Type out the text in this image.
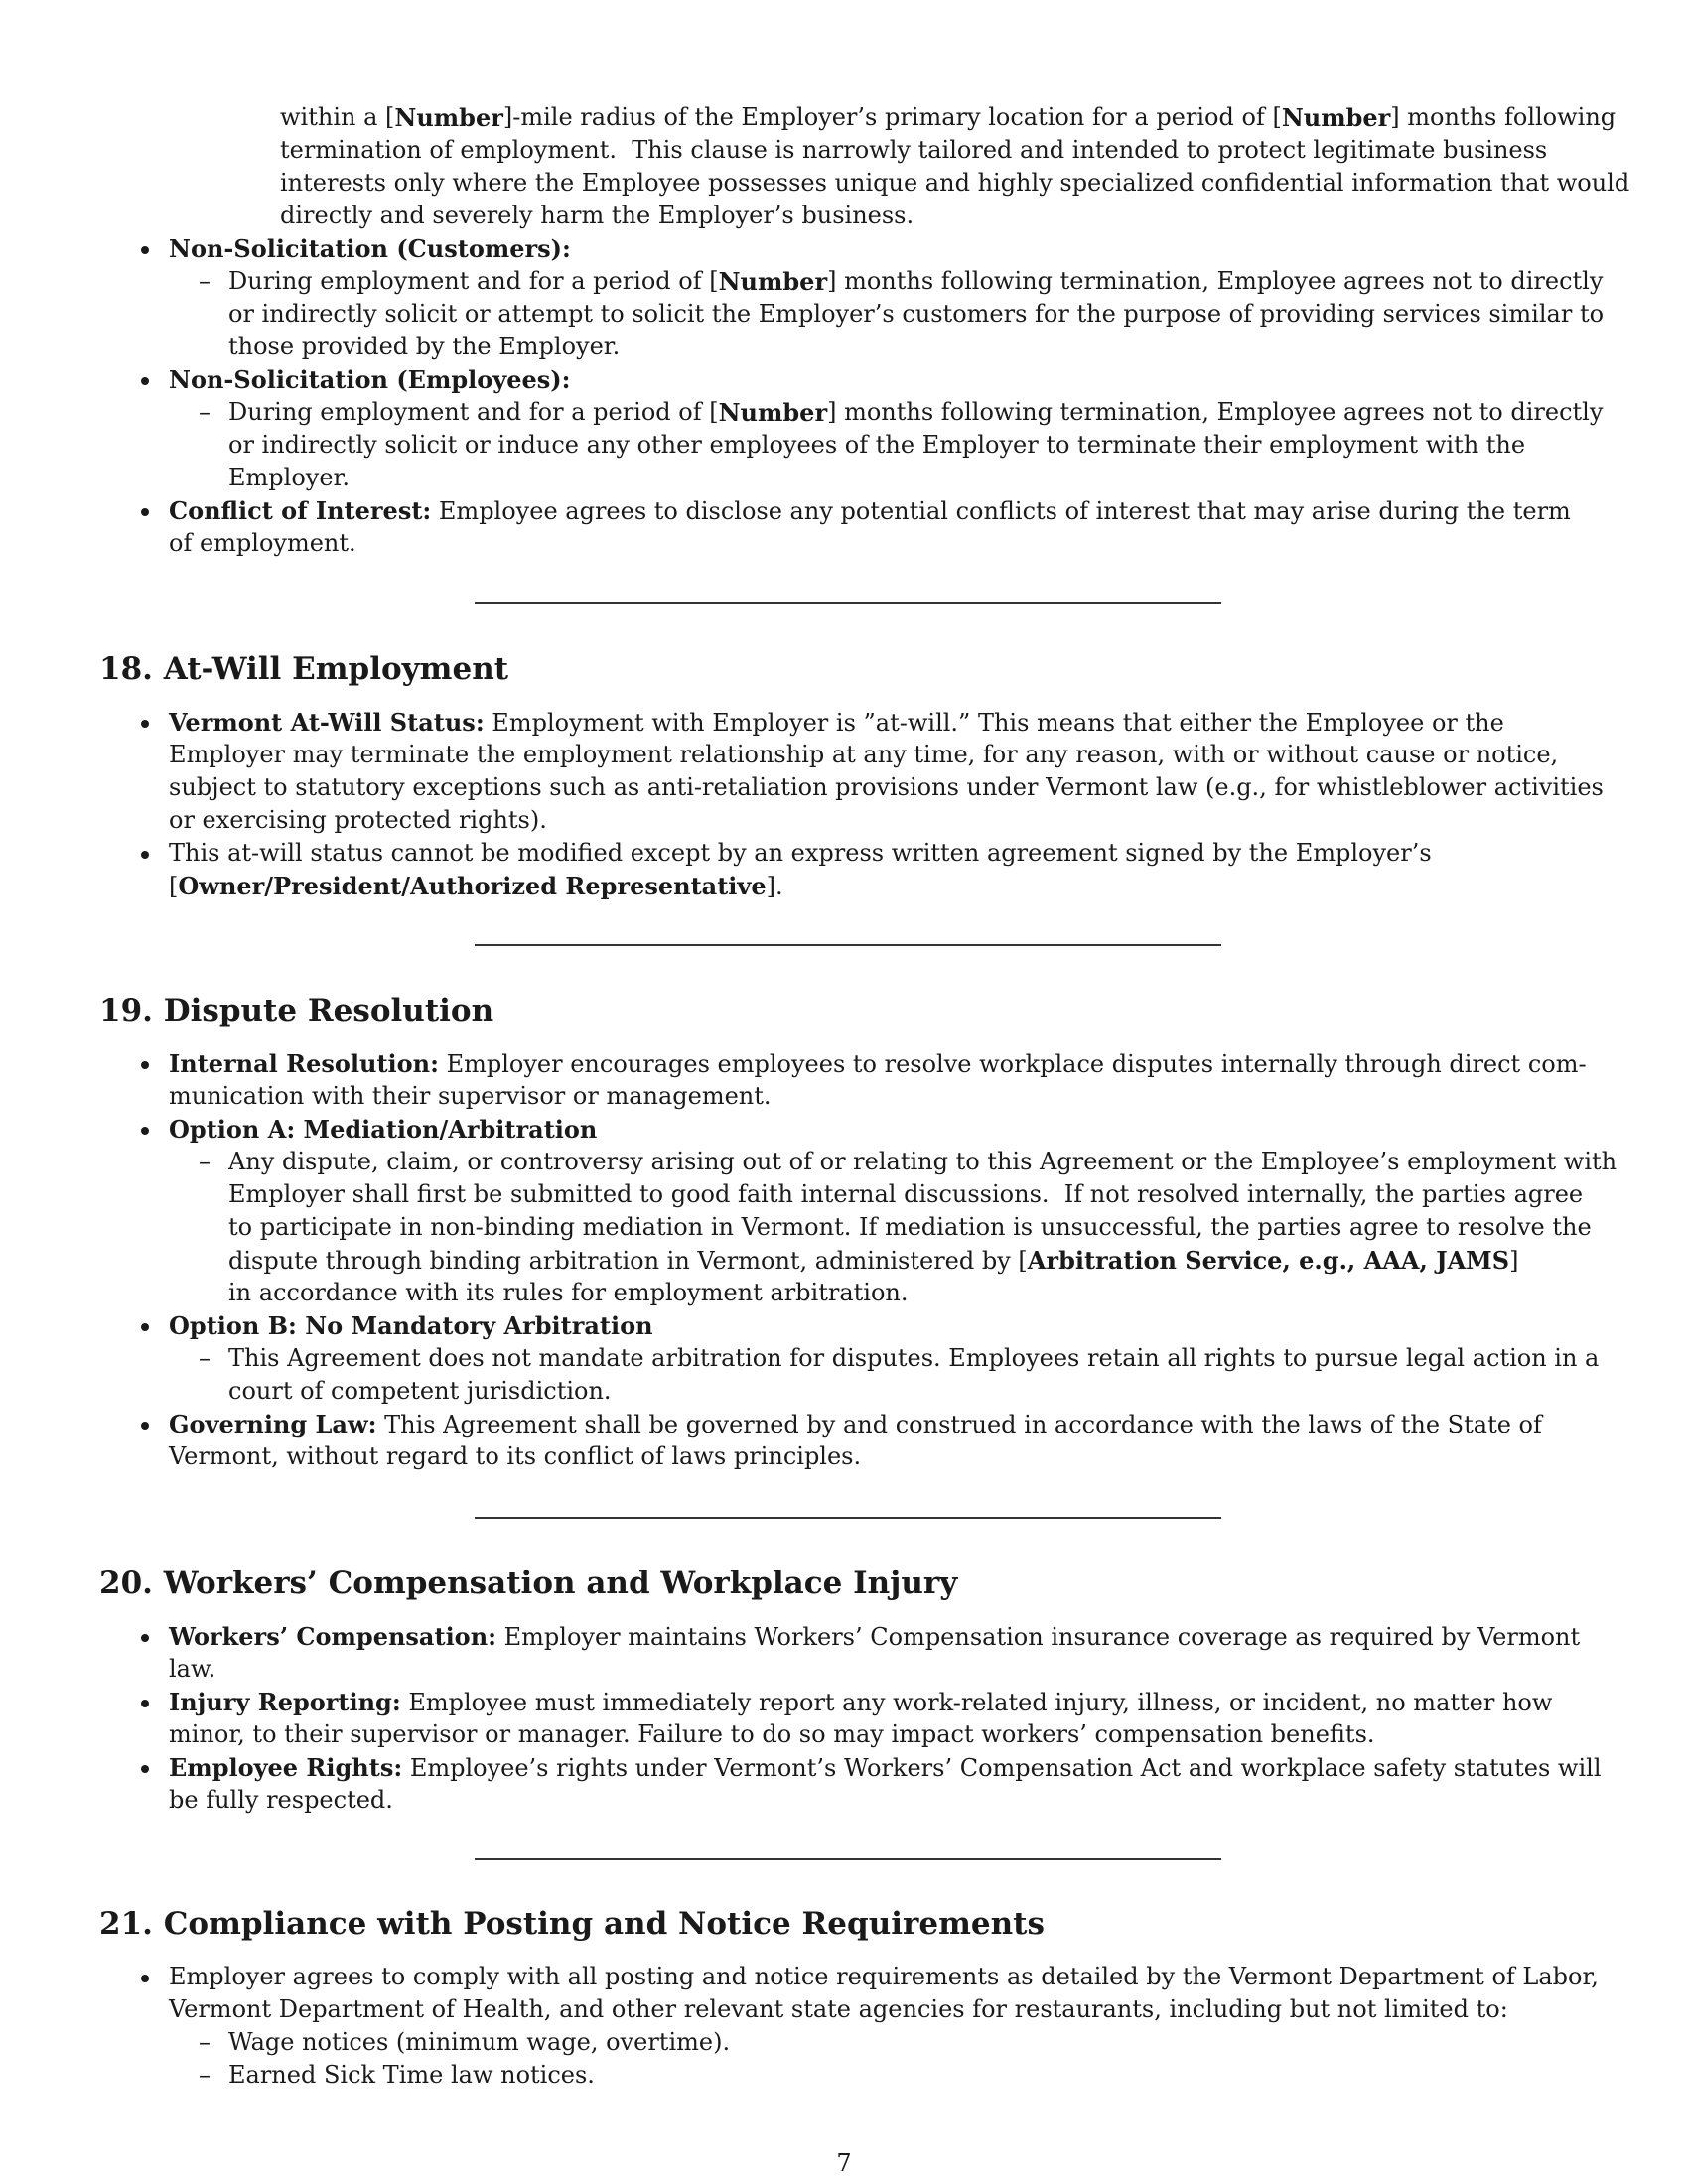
within a [ Number ]-mile radius of the Employer’s primary location for a period of [ Number ] months following
termination of employment.  This clause is narrowly tailored and intended to protect legitimate business
interests only where the Employee possesses unique and highly specialized confidential information that would
directly and severely harm the Employer’s business.
Non-Solicitation (Customers):
– During employment and for a period of [ Number ] months following termination, Employee agrees not to directly
or indirectly solicit or attempt to solicit the Employer’s customers for the purpose of providing services similar to
those provided by the Employer.
Non-Solicitation (Employees):
– During employment and for a period of [ Number ] months following termination, Employee agrees not to directly
or indirectly solicit or induce any other employees of the Employer to terminate their employment with the
Employer.
Conflict of Interest: Employee agrees to disclose any potential conflicts of interest that may arise during the term
of employment.
18. At-Will Employment
Vermont At-Will Status: Employment with Employer is ”at-will.” This means that either the Employee or the
Employer may terminate the employment relationship at any time, for any reason, with or without cause or notice,
subject to statutory exceptions such as anti-retaliation provisions under Vermont law (e.g., for whistleblower activities
or exercising protected rights).
This at-will status cannot be modified except by an express written agreement signed by the Employer’s
[Owner/President/Authorized Representative].
19. Dispute Resolution
Internal Resolution: Employer encourages employees to resolve workplace disputes internally through direct com-
munication with their supervisor or management.
Option A: Mediation/Arbitration
– Any dispute, claim, or controversy arising out of or relating to this Agreement or the Employee’s employment with
Employer shall first be submitted to good faith internal discussions.  If not resolved internally, the parties agree
to participate in non-binding mediation in Vermont. If mediation is unsuccessful, the parties agree to resolve the
dispute through binding arbitration in Vermont, administered by [Arbitration Service, e.g., AAA, JAMS]
in accordance with its rules for employment arbitration.
Option B: No Mandatory Arbitration
– This Agreement does not mandate arbitration for disputes. Employees retain all rights to pursue legal action in a
court of competent jurisdiction.
Governing Law: This Agreement shall be governed by and construed in accordance with the laws of the State of
Vermont, without regard to its conflict of laws principles.
20. Workers’ Compensation and Workplace Injury
Workers’ Compensation: Employer maintains Workers’ Compensation insurance coverage as required by Vermont
law.
Injury Reporting: Employee must immediately report any work-related injury, illness, or incident, no matter how
minor, to their supervisor or manager. Failure to do so may impact workers’ compensation benefits.
Employee Rights: Employee’s rights under Vermont’s Workers’ Compensation Act and workplace safety statutes will
be fully respected.
21. Compliance with Posting and Notice Requirements
Employer agrees to comply with all posting and notice requirements as detailed by the Vermont Department of Labor,
Vermont Department of Health, and other relevant state agencies for restaurants, including but not limited to:
– Wage notices (minimum wage, overtime).
– Earned Sick Time law notices.
7
